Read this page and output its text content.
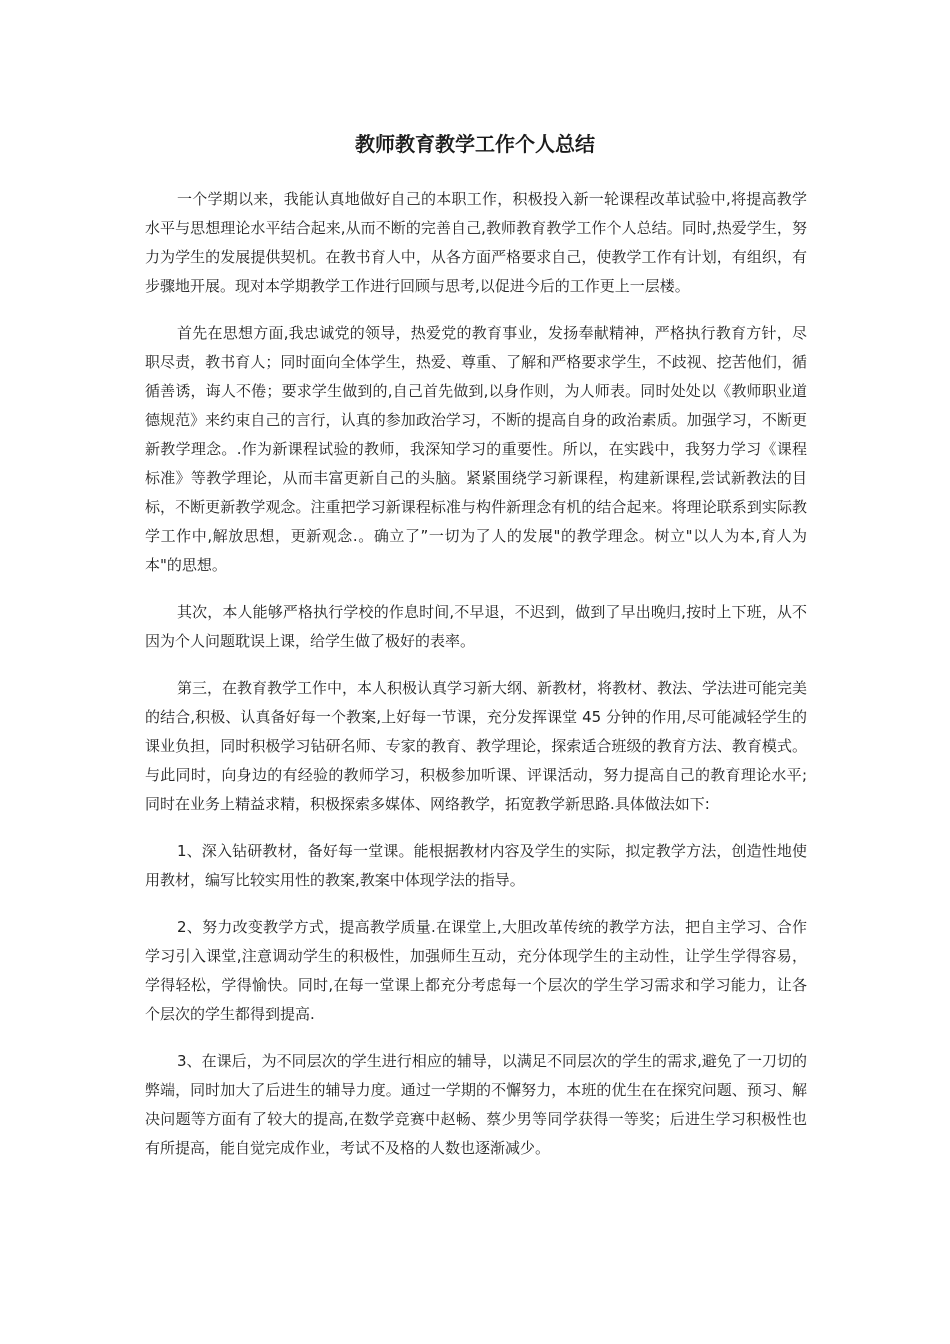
教师教育教学工作个人总结

一个学期以来，我能认真地做好自己的本职工作，积极投入新一轮课程改革试验中,将提高教学水平与思想理论水平结合起来,从而不断的完善自己,教师教育教学工作个人总结。同时,热爱学生，努力为学生的发展提供契机。在教书育人中，从各方面严格要求自己，使教学工作有计划，有组织，有步骤地开展。现对本学期教学工作进行回顾与思考,以促进今后的工作更上一层楼。

首先在思想方面,我忠诚党的领导，热爱党的教育事业，发扬奉献精神，严格执行教育方针，尽职尽责，教书育人；同时面向全体学生，热爱、尊重、了解和严格要求学生，不歧视、挖苦他们，循循善诱，诲人不倦；要求学生做到的,自己首先做到,以身作则，为人师表。同时处处以《教师职业道德规范》来约束自己的言行，认真的参加政治学习，不断的提高自身的政治素质。加强学习，不断更新教学理念。.作为新课程试验的教师，我深知学习的重要性。所以，在实践中，我努力学习《课程标准》等教学理论，从而丰富更新自己的头脑。紧紧围绕学习新课程，构建新课程,尝试新教法的目标，不断更新教学观念。注重把学习新课程标准与构件新理念有机的结合起来。将理论联系到实际教学工作中,解放思想，更新观念.。确立了”一切为了人的发展"的教学理念。树立"以人为本,育人为本"的思想。

其次，本人能够严格执行学校的作息时间,不早退，不迟到，做到了早出晚归,按时上下班，从不因为个人问题耽误上课，给学生做了极好的表率。

第三，在教育教学工作中，本人积极认真学习新大纲、新教材，将教材、教法、学法进可能完美的结合,积极、认真备好每一个教案,上好每一节课，充分发挥课堂 45 分钟的作用,尽可能减轻学生的课业负担，同时积极学习钻研名师、专家的教育、教学理论，探索适合班级的教育方法、教育模式。与此同时，向身边的有经验的教师学习，积极参加听课、评课活动，努力提高自己的教育理论水平;同时在业务上精益求精，积极探索多媒体、网络教学，拓宽教学新思路.具体做法如下:

1、深入钻研教材，备好每一堂课。能根据教材内容及学生的实际，拟定教学方法，创造性地使用教材，编写比较实用性的教案,教案中体现学法的指导。

2、努力改变教学方式，提高教学质量.在课堂上,大胆改革传统的教学方法，把自主学习、合作学习引入课堂,注意调动学生的积极性，加强师生互动，充分体现学生的主动性，让学生学得容易，学得轻松，学得愉快。同时,在每一堂课上都充分考虑每一个层次的学生学习需求和学习能力，让各个层次的学生都得到提高.

3、在课后，为不同层次的学生进行相应的辅导，以满足不同层次的学生的需求,避免了一刀切的弊端，同时加大了后进生的辅导力度。通过一学期的不懈努力，本班的优生在在探究问题、预习、解决问题等方面有了较大的提高,在数学竞赛中赵畅、蔡少男等同学获得一等奖；后进生学习积极性也有所提高，能自觉完成作业，考试不及格的人数也逐渐减少。
